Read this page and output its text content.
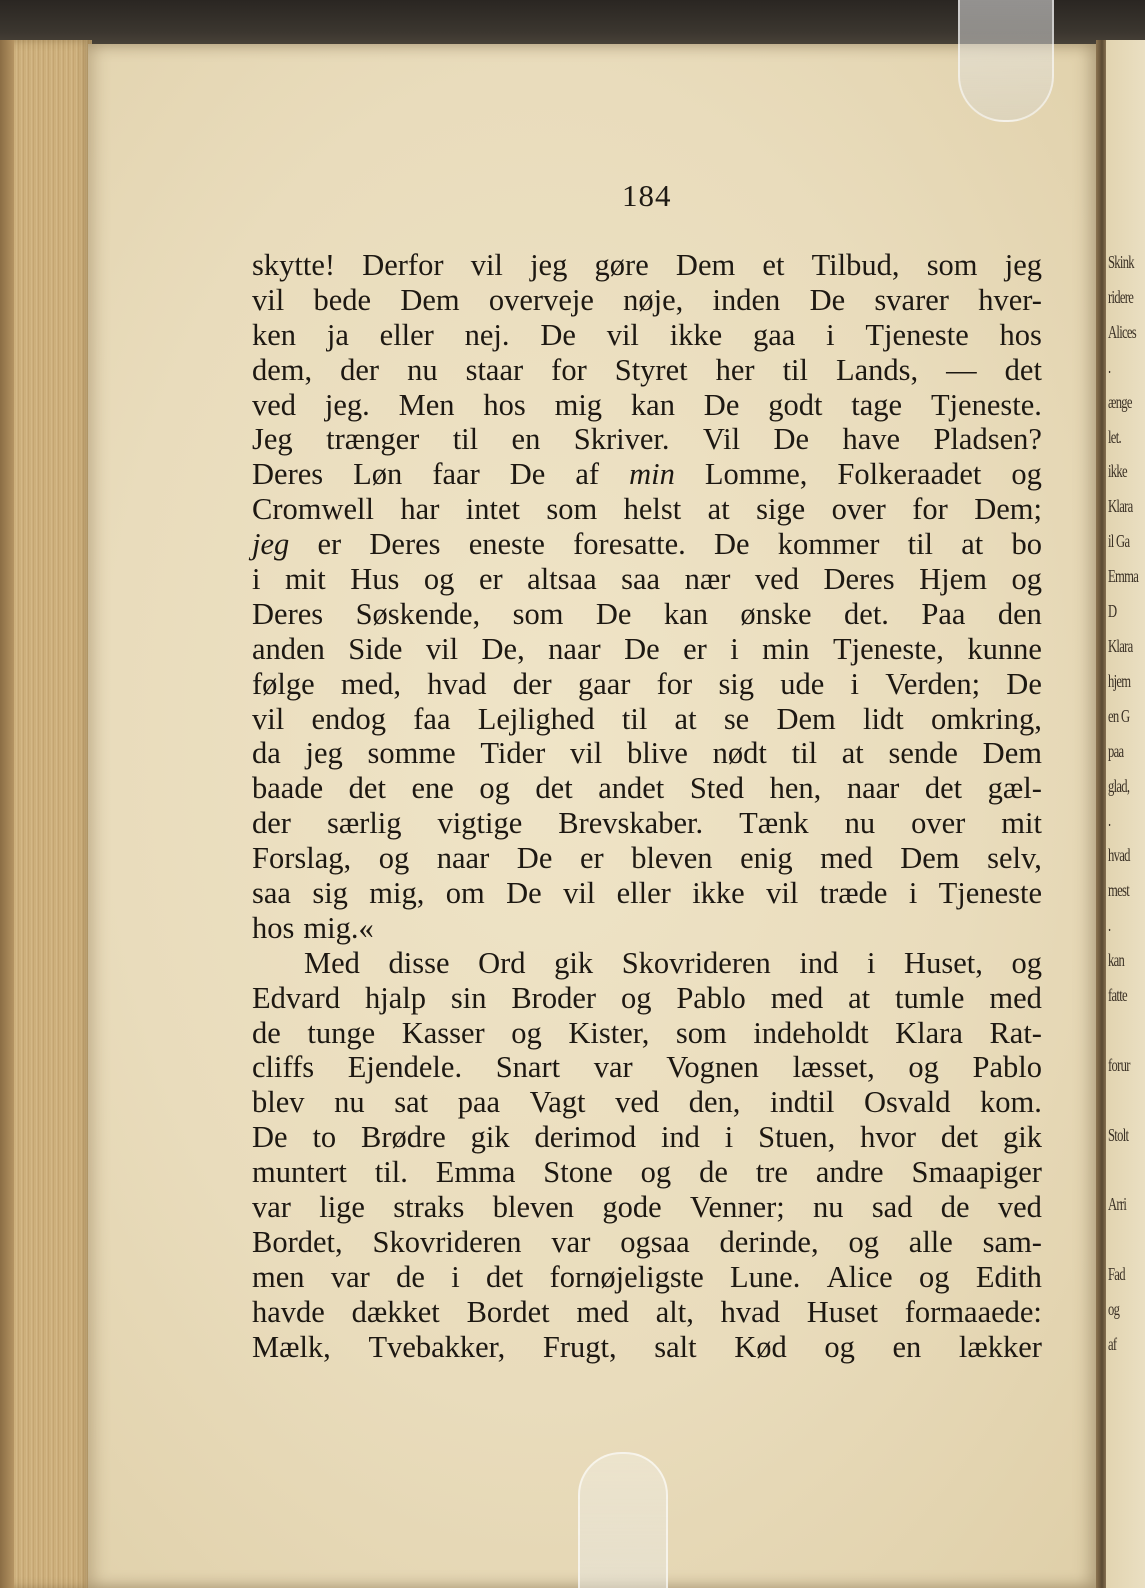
Skink
ridere
Alices
.
ænge
let.
ikke
Klara
il Ga
Emma
D
Klara
hjem
en G
paa
glad,
.
hvad
mest
.
kan
fatte
forur
Stolt
Arri
Fad
og
af
184
skytte! Derfor vil jeg gøre Dem et Tilbud, som jeg
vil bede Dem overveje nøje, inden De svarer hver-
ken ja eller nej. De vil ikke gaa i Tjeneste hos
dem, der nu staar for Styret her til Lands, — det
ved jeg. Men hos mig kan De godt tage Tjeneste.
Jeg trænger til en Skriver. Vil De have Pladsen?
Deres Løn faar De af min Lomme, Folkeraadet og
Cromwell har intet som helst at sige over for Dem;
jeg er Deres eneste foresatte. De kommer til at bo
i mit Hus og er altsaa saa nær ved Deres Hjem og
Deres Søskende, som De kan ønske det. Paa den
anden Side vil De, naar De er i min Tjeneste, kunne
følge med, hvad der gaar for sig ude i Verden; De
vil endog faa Lejlighed til at se Dem lidt omkring,
da jeg somme Tider vil blive nødt til at sende Dem
baade det ene og det andet Sted hen, naar det gæl-
der særlig vigtige Brevskaber. Tænk nu over mit
Forslag, og naar De er bleven enig med Dem selv,
saa sig mig, om De vil eller ikke vil træde i Tjeneste
hos mig.«
Med disse Ord gik Skovrideren ind i Huset, og
Edvard hjalp sin Broder og Pablo med at tumle med
de tunge Kasser og Kister, som indeholdt Klara Rat-
cliffs Ejendele. Snart var Vognen læsset, og Pablo
blev nu sat paa Vagt ved den, indtil Osvald kom.
De to Brødre gik derimod ind i Stuen, hvor det gik
muntert til. Emma Stone og de tre andre Smaapiger
var lige straks bleven gode Venner; nu sad de ved
Bordet, Skovrideren var ogsaa derinde, og alle sam-
men var de i det fornøjeligste Lune. Alice og Edith
havde dækket Bordet med alt, hvad Huset formaaede:
Mælk, Tvebakker, Frugt, salt Kød og en lækker
